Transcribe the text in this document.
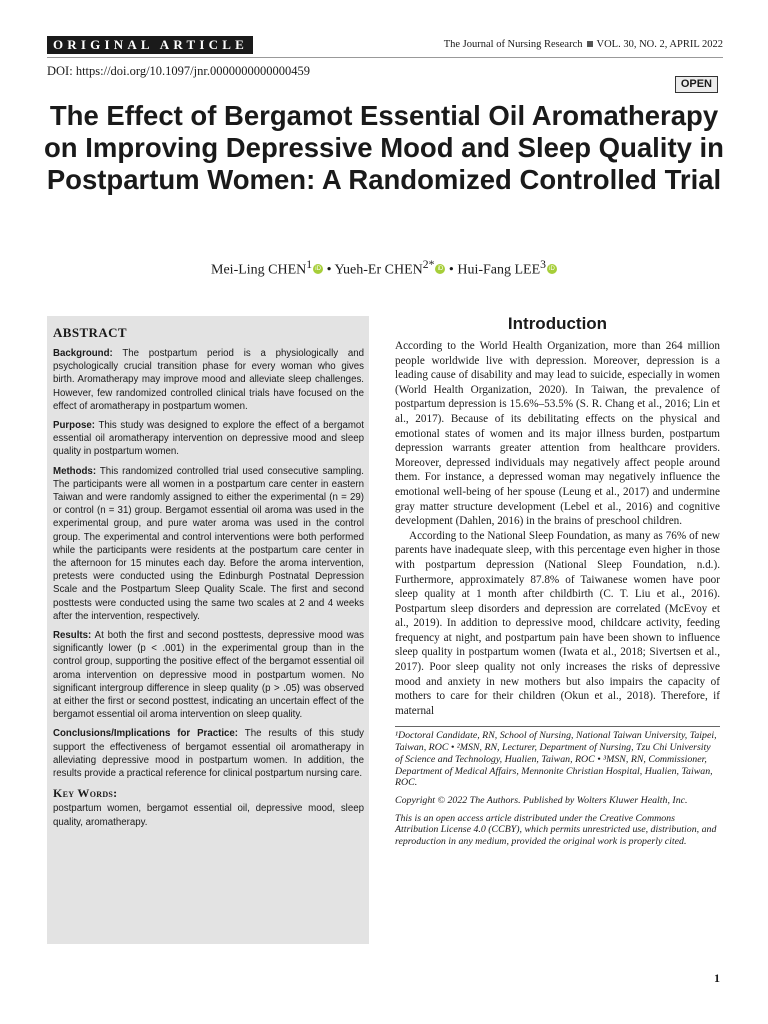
ORIGINAL ARTICLE	The Journal of Nursing Research VOL. 30, NO. 2, APRIL 2022
DOI: https://doi.org/10.1097/jnr.0000000000000459
OPEN
The Effect of Bergamot Essential Oil Aromatherapy on Improving Depressive Mood and Sleep Quality in Postpartum Women: A Randomized Controlled Trial
Mei-Ling CHEN$^1$ iD • Yueh-Er $CHEN^{2*}$ iD • Hui-Fang LEE$^3$ iD
ABSTRACT

Background: The postpartum period is a physiologically and psychologically crucial transition phase for every woman who gives birth. Aromatherapy may improve mood and alleviate sleep challenges. However, few randomized controlled clinical trials have focused on the effect of aromatherapy in postpartum women.

Purpose: This study was designed to explore the effect of a bergamot essential oil aromatherapy intervention on depressive mood and sleep quality in postpartum women.

Methods: This randomized controlled trial used consecutive sampling. The participants were all women in a postpartum care center in eastern Taiwan and were randomly assigned to either the experimental (n = 29) or control (n = 31) group. Bergamot essential oil aroma was used in the experimental group, and pure water aroma was used in the control group. The experimental and control interventions were both performed while the participants were residents at the postpartum care center in the afternoon for 15 minutes each day. Before the aroma intervention, pretests were conducted using the Edinburgh Postnatal Depression Scale and the Postpartum Sleep Quality Scale. The first and second posttests were conducted using the same two scales at 2 and 4 weeks after the intervention, respectively.

Results: At both the first and second posttests, depressive mood was significantly lower (p < .001) in the experimental group than in the control group, supporting the positive effect of the bergamot essential oil aroma intervention on depressive mood in postpartum women. No significant intergroup difference in sleep quality (p > .05) was observed at either the first or second posttest, indicating an uncertain effect of the bergamot essential oil aroma intervention on sleep quality.

Conclusions/Implications for Practice: The results of this study support the effectiveness of bergamot essential oil aromatherapy in alleviating depressive mood in postpartum women. In addition, the results provide a practical reference for clinical postpartum nursing care.

Key Words:

postpartum women, bergamot essential oil, depressive mood, sleep quality, aromatherapy.

Introduction

According to the World Health Organization, more than 264 million people worldwide live with depression. Moreover, depression is a leading cause of disability and may lead to suicide, especially in women (World Health Organization, 2020). In Taiwan, the prevalence of postpartum depression is 15.6%–53.5% (S. R. Chang et al., 2016; Lin et al., 2017). Because of its debilitating effects on the physical and emotional states of women and its major illness burden, postpartum depression warrants greater attention from healthcare providers. Moreover, depressed individuals may negatively affect people around them. For instance, a depressed woman may negatively influence the emotional well-being of her spouse (Leung et al., 2017) and undermine gray matter structure development (Lebel et al., 2016) and cognitive development (Dahlen, 2016) in the brains of preschool children.

According to the National Sleep Foundation, as many as 76% of new parents have inadequate sleep, with this percentage even higher in those with postpartum depression (National Sleep Foundation, n.d.). Furthermore, approximately 87.8% of Taiwanese women have poor sleep quality at 1 month after childbirth (C. T. Liu et al., 2016). Postpartum sleep disorders and depression are correlated (McEvoy et al., 2019). In addition to depressive mood, childcare activity, feeding frequency at night, and postpartum pain have been shown to influence sleep quality in postpartum women (Iwata et al., 2018; Sivertsen et al., 2017). Poor sleep quality not only increases the risks of depressive mood and anxiety in new mothers but also impairs the capacity of mothers to care for their children (Okun et al., 2018). Therefore, if maternal

¹Doctoral Candidate, RN, School of Nursing, National Taiwan University, Taipei, Taiwan, ROC • ²MSN, RN, Lecturer, Department of Nursing, Tzu Chi University of Science and Technology, Hualien, Taiwan, ROC • ³MSN, RN, Commissioner, Department of Medical Affairs, Mennonite Christian Hospital, Hualien, Taiwan, ROC.

Copyright © 2022 The Authors. Published by Wolters Kluwer Health, Inc.

This is an open access article distributed under the Creative Commons Attribution License 4.0 (CCBY), which permits unrestricted use, distribution, and reproduction in any medium, provided the original work is properly cited.

1
